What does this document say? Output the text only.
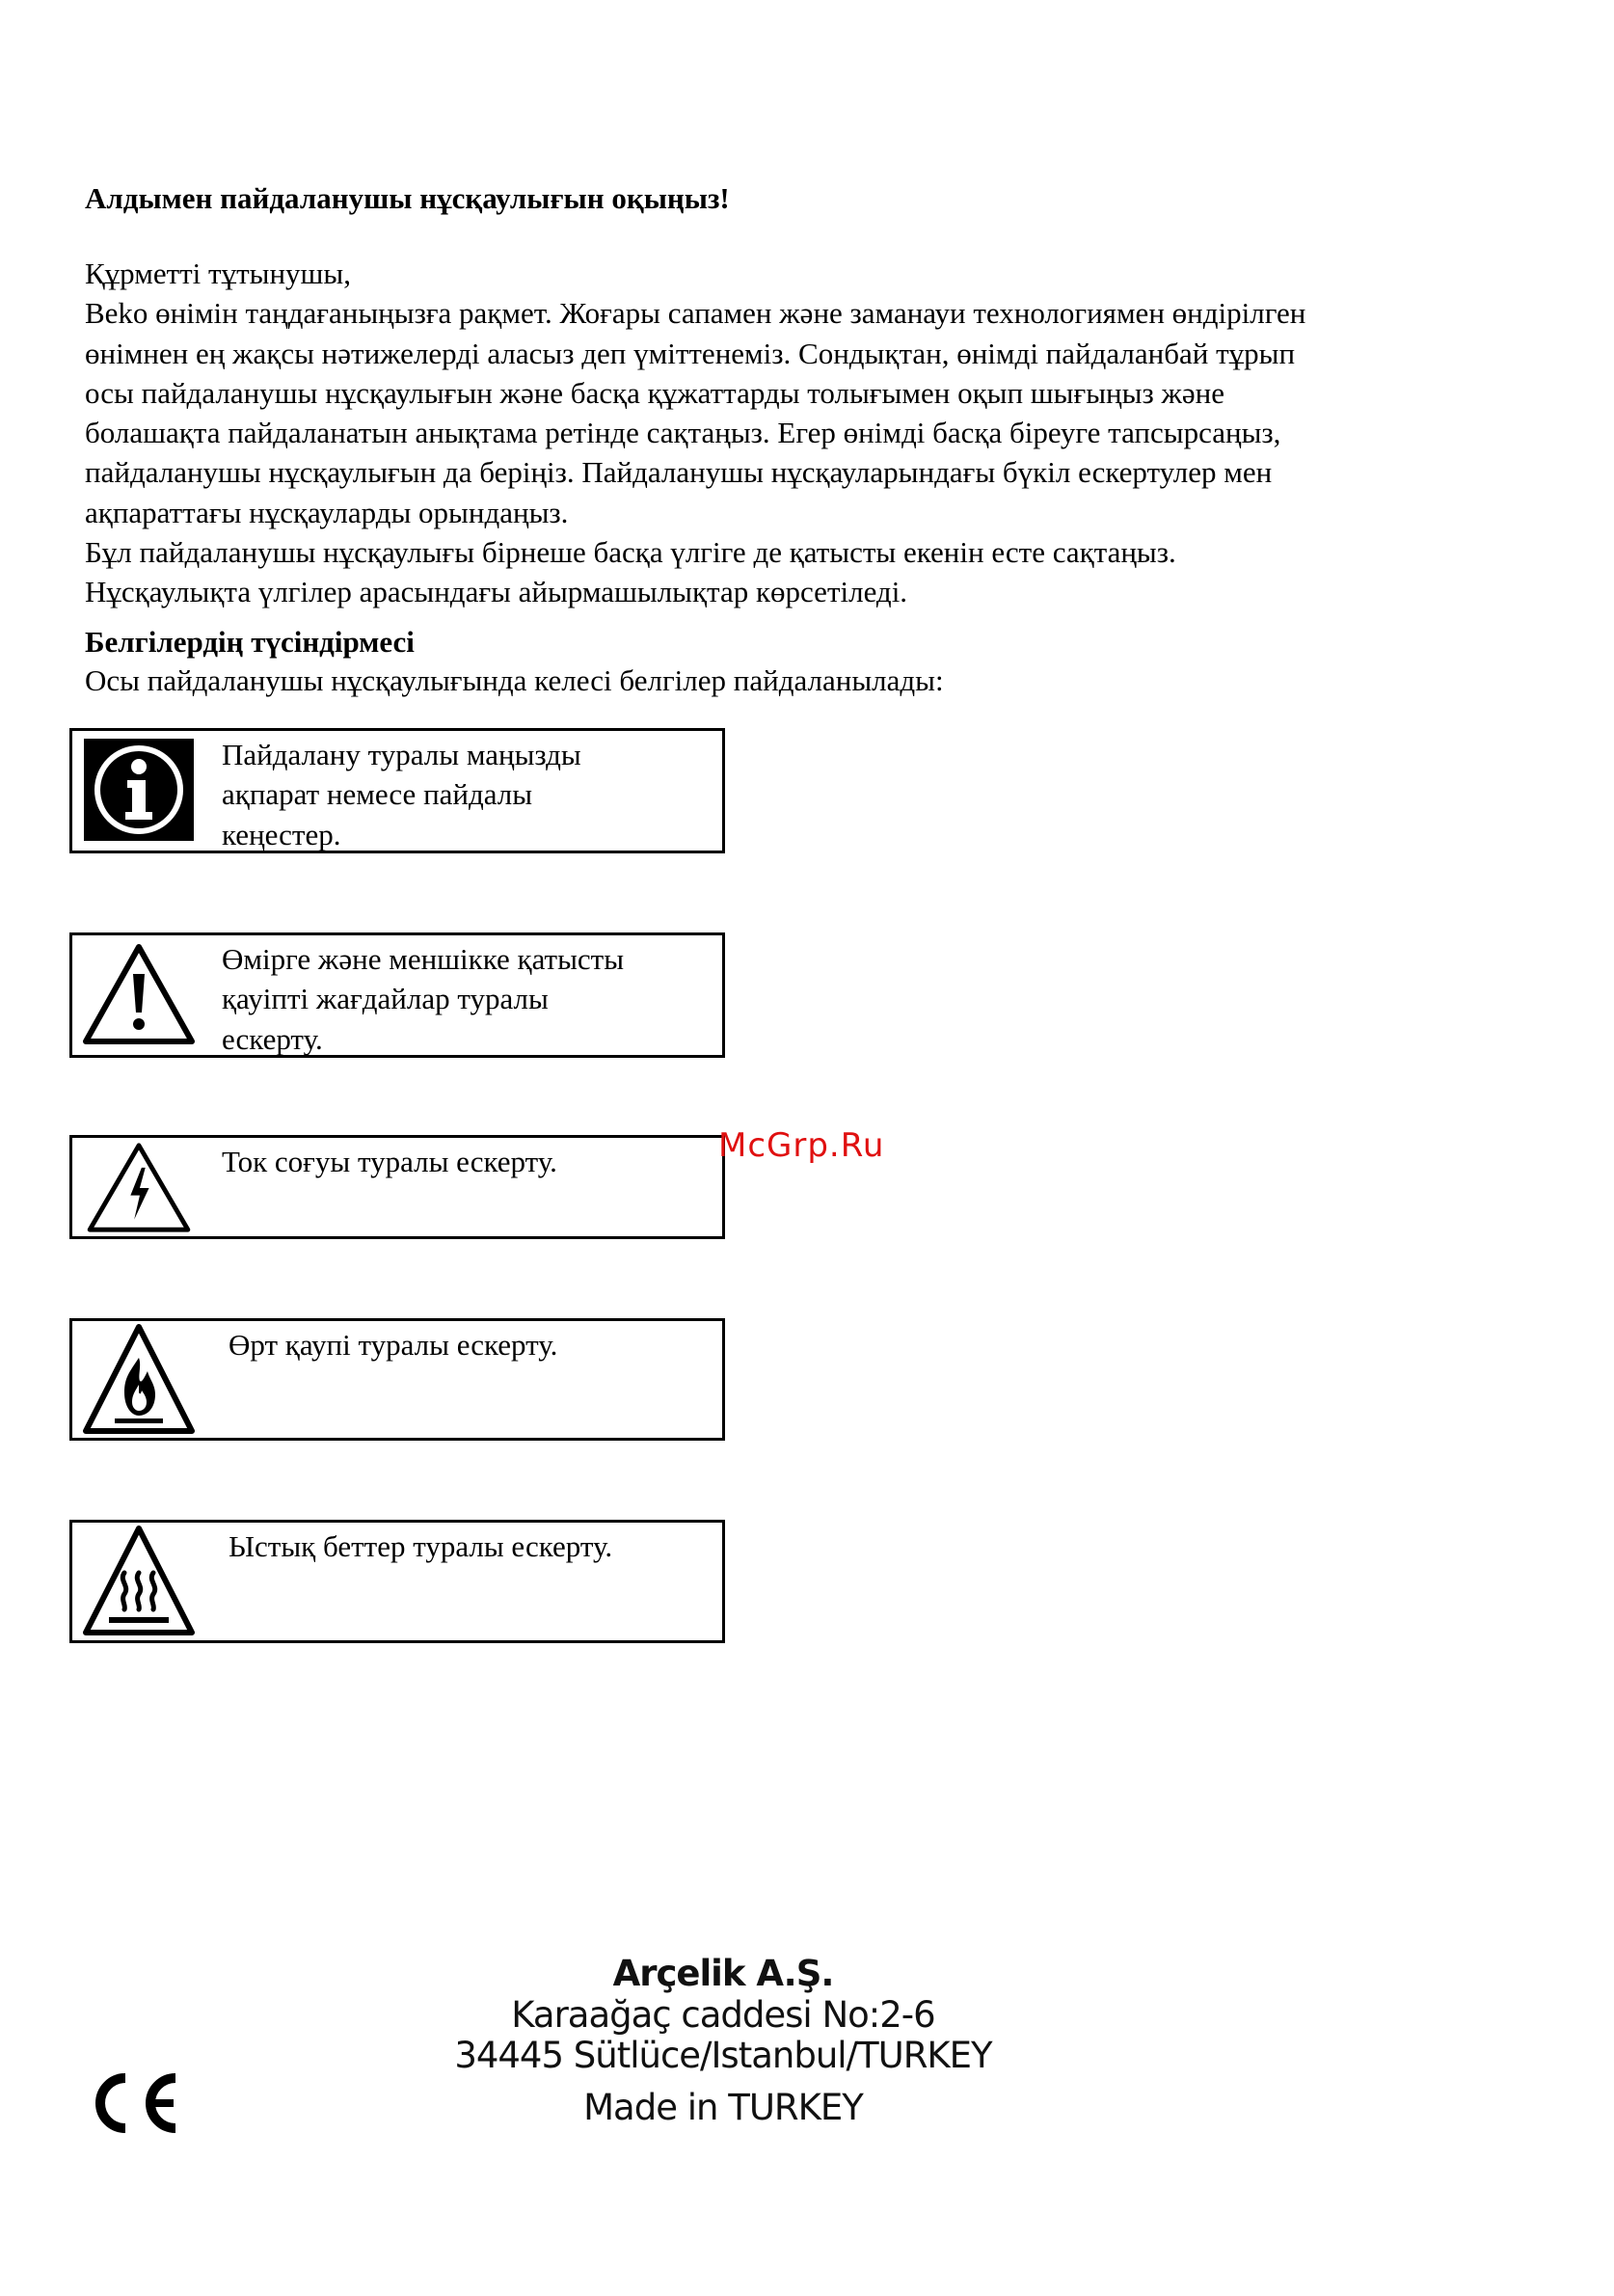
Алдымен пайдаланушы нұсқаулығын оқыңыз!
Құрметті тұтынушы,
Beko өнімін таңдағаныңызға рақмет. Жоғары сапамен және заманауи технологиямен өндірілген
өнімнен ең жақсы нәтижелерді аласыз деп үміттенеміз. Сондықтан, өнімді пайдаланбай тұрып
осы пайдаланушы нұсқаулығын және басқа құжаттарды толығымен оқып шығыңыз және
болашақта пайдаланатын анықтама ретінде сақтаңыз. Егер өнімді басқа біреуге тапсырсаңыз,
пайдаланушы нұсқаулығын да беріңіз. Пайдаланушы нұсқауларындағы бүкіл ескертулер мен
ақпараттағы нұсқауларды орындаңыз.
Бұл пайдаланушы нұсқаулығы бірнеше басқа үлгіге де қатысты екенін есте сақтаңыз.
Нұсқаулықта үлгілер арасындағы айырмашылықтар көрсетіледі.
Белгілердің түсіндірмесі
Осы пайдаланушы нұсқаулығында келесі белгілер пайдаланылады:
Пайдалану туралы маңызды
ақпарат немесе пайдалы
кеңестер.
Өмірге және меншікке қатысты
қауіпті жағдайлар туралы
ескерту.
Ток соғуы туралы ескерту.
Өрт қаупі туралы ескерту.
Ыстық беттер туралы ескерту.
McGrp.Ru
Arçelik A.Ş.
Karaağaç caddesi No:2-6
34445 Sütlüce/Istanbul/TURKEY
Made in TURKEY
